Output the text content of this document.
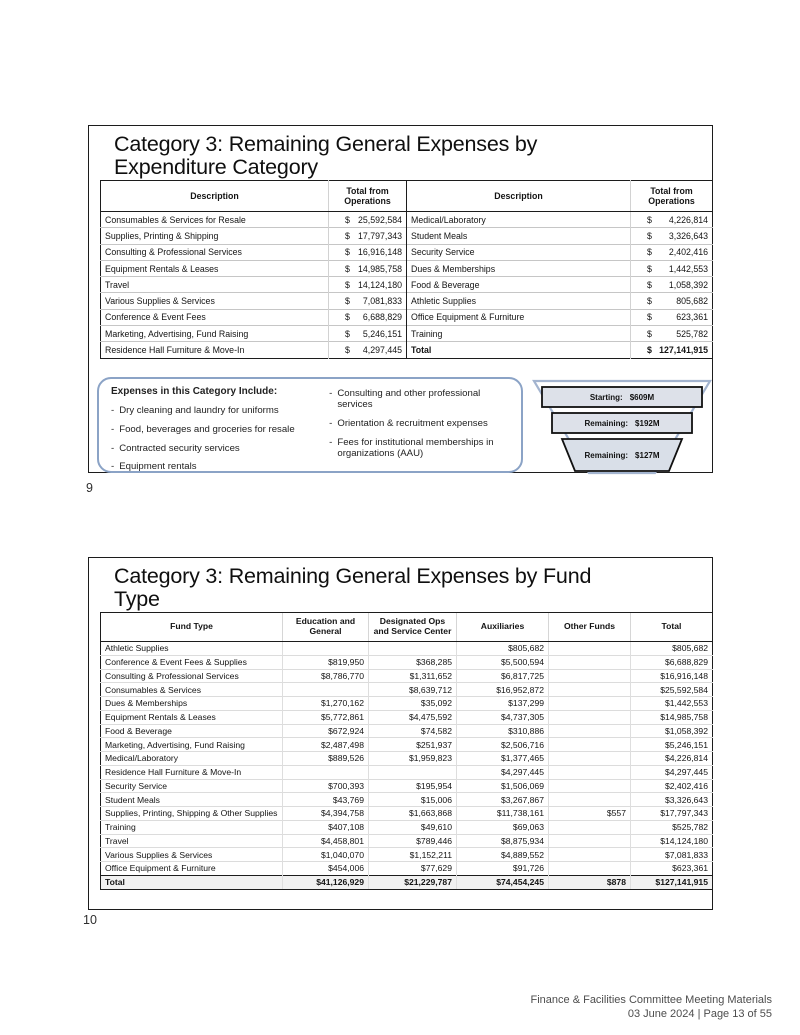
Category 3: Remaining General Expenses by Expenditure Category
Description	Total from Operations	Description	Total from Operations
Consumables & Services for Resale	$ 25,592,584	Medical/Laboratory	$ 4,226,814

Supplies, Printing & Shipping	$ 17,797,343	Student Meals	$ 3,326,643

Consulting & Professional Services	$ 16,916,148	Security Service	$ 2,402,416

Equipment Rentals & Leases	$ 14,985,758	Dues & Memberships	$ 1,442,553

Travel	$ 14,124,180	Food & Beverage	$ 1,058,392

Various Supplies & Services	$ 7,081,833	Athletic Supplies	$ 805,682

Conference & Event Fees	$ 6,688,829	Office Equipment & Furniture	$ 623,361

Marketing, Advertising, Fund Raising	$ 5,246,151	Training	$ 525,782

Residence Hall Furniture & Move-In	$ 4,297,445	Total	$ 127,141,915
Expenses in this Category Include:
- Dry cleaning and laundry for uniforms
- Food, beverages and groceries for resale
- Contracted security services
- Equipment rentals
- Consulting and other professional services
- Orientation & recruitment expenses
- Fees for institutional memberships in organizations (AAU)
Starting: $609M
Remaining: $192M
Remaining: $127M
9
Category 3: Remaining General Expenses by Fund Type
Fund Type	Education and General	Designated Ops and Service Center	Auxiliaries	Other Funds	Total
Athletic Supplies			$805,682		$805,682
Conference & Event Fees & Supplies	$819,950	$368,285	$5,500,594		$6,688,829
Consulting & Professional Services	$8,786,770	$1,311,652	$6,817,725		$16,916,148
Consumables & Services		$8,639,712	$16,952,872		$25,592,584
Dues & Memberships	$1,270,162	$35,092	$137,299		$1,442,553
Equipment Rentals & Leases	$5,772,861	$4,475,592	$4,737,305		$14,985,758
Food & Beverage	$672,924	$74,582	$310,886		$1,058,392
Marketing, Advertising, Fund Raising	$2,487,498	$251,937	$2,506,716		$5,246,151
Medical/Laboratory	$889,526	$1,959,823	$1,377,465		$4,226,814
Residence Hall Furniture & Move-In			$4,297,445		$4,297,445
Security Service	$700,393	$195,954	$1,506,069		$2,402,416
Student Meals	$43,769	$15,006	$3,267,867		$3,326,643
Supplies, Printing, Shipping & Other Supplies	$4,394,758	$1,663,868	$11,738,161	$557	$17,797,343
Training	$407,108	$49,610	$69,063		$525,782
Travel	$4,458,801	$789,446	$8,875,934		$14,124,180
Various Supplies & Services	$1,040,070	$1,152,211	$4,889,552		$7,081,833
Office Equipment & Furniture	$454,006	$77,629	$91,726		$623,361
Total	$41,126,929	$21,229,787	$74,454,245	$878	$127,141,915
10
Finance & Facilities Committee Meeting Materials
03 June 2024 | Page 13 of 55
